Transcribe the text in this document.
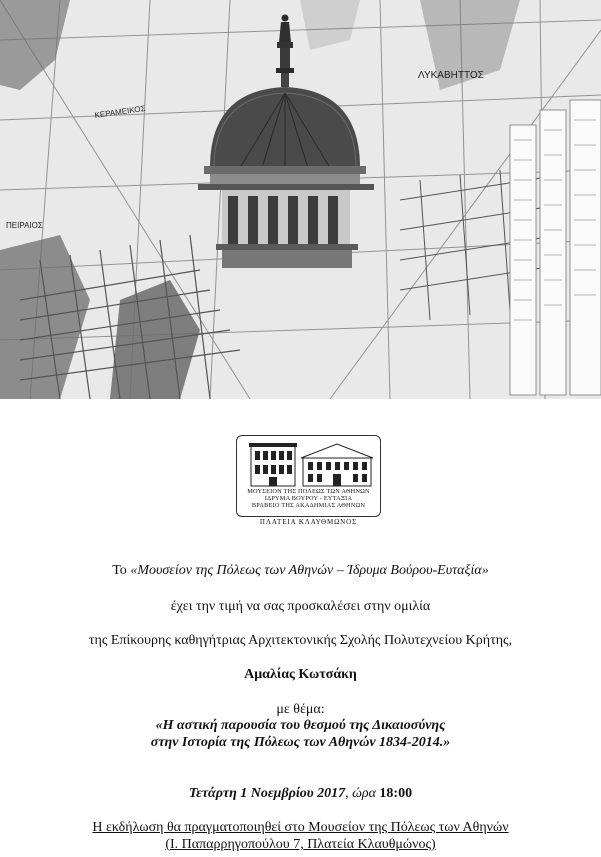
ΛΥΚΑΒΗΤΤΟΣ
ΠΕΙΡΑΙΟΣ
ΚΕΡΑΜΕΙΚΟΣ
ΜΟΥΣΕΙΟΝ ΤΗΣ ΠΟΛΕΩΣ ΤΩΝ ΑΘΗΝΩΝ
ΙΔΡΥΜΑ ΒΟΥΡΟΥ - ΕΥΤΑΞΙΑ
ΒΡΑΒΕΙΟ ΤΗΣ ΑΚΑΔΗΜΙΑΣ ΑΘΗΝΩΝ
ΠΛΑΤΕΙΑ ΚΛΑΥΘΜΩΝΟΣ
Το «Μουσείον της Πόλεως των Αθηνών – Ίδρυμα Βούρου-Ευταξία»
έχει την τιμή να σας προσκαλέσει στην ομιλία
της Επίκουρης καθηγήτριας Αρχιτεκτονικής Σχολής Πολυτεχνείου Κρήτης,
Αμαλίας Κωτσάκη
με θέμα:
«Η αστική παρουσία του θεσμού της Δικαιοσύνης
στην Ιστορία της Πόλεως των Αθηνών 1834-2014.»
Τετάρτη 1 Νοεμβρίου 2017, ώρα 18:00
Η εκδήλωση θα πραγματοποιηθεί στο Μουσείον της Πόλεως των Αθηνών
(Ι. Παπαρρηγοπούλου 7, Πλατεία Κλαυθμώνος)
